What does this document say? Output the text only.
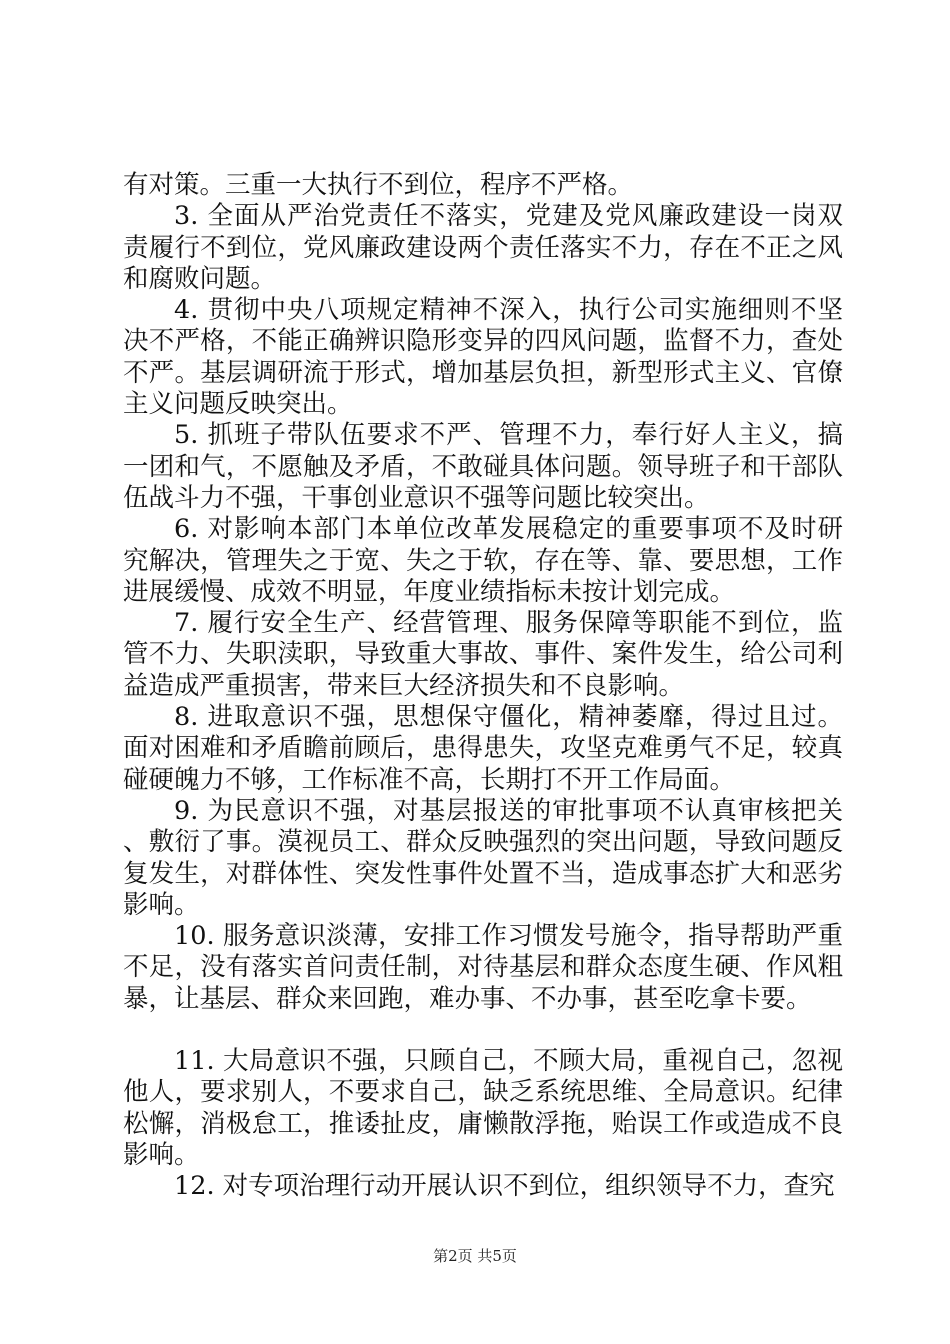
有对策。三重一大执行不到位，程序不严格。

3. 全面从严治党责任不落实，党建及党风廉政建设一岗双责履行不到位，党风廉政建设两个责任落实不力，存在不正之风和腐败问题。

4. 贯彻中央八项规定精神不深入，执行公司实施细则不坚决不严格，不能正确辨识隐形变异的四风问题，监督不力，查处不严。基层调研流于形式，增加基层负担，新型形式主义、官僚主义问题反映突出。

5. 抓班子带队伍要求不严、管理不力，奉行好人主义，搞一团和气，不愿触及矛盾，不敢碰具体问题。领导班子和干部队伍战斗力不强，干事创业意识不强等问题比较突出。

6. 对影响本部门本单位改革发展稳定的重要事项不及时研究解决，管理失之于宽、失之于软，存在等、靠、要思想，工作进展缓慢、成效不明显，年度业绩指标未按计划完成。

7. 履行安全生产、经营管理、服务保障等职能不到位，监管不力、失职渎职，导致重大事故、事件、案件发生，给公司利益造成严重损害，带来巨大经济损失和不良影响。

8. 进取意识不强，思想保守僵化，精神萎靡，得过且过。面对困难和矛盾瞻前顾后，患得患失，攻坚克难勇气不足，较真碰硬魄力不够，工作标准不高，长期打不开工作局面。

9. 为民意识不强，对基层报送的审批事项不认真审核把关、敷衍了事。漠视员工、群众反映强烈的突出问题，导致问题反复发生，对群体性、突发性事件处置不当，造成事态扩大和恶劣影响。

10. 服务意识淡薄，安排工作习惯发号施令，指导帮助严重不足，没有落实首问责任制，对待基层和群众态度生硬、作风粗暴，让基层、群众来回跑，难办事、不办事，甚至吃拿卡要。

11. 大局意识不强，只顾自己，不顾大局，重视自己，忽视他人，要求别人，不要求自己，缺乏系统思维、全局意识。纪律松懈，消极怠工，推诿扯皮，庸懒散浮拖，贻误工作或造成不良影响。

12. 对专项治理行动开展认识不到位，组织领导不力，查究

第2页 共5页
